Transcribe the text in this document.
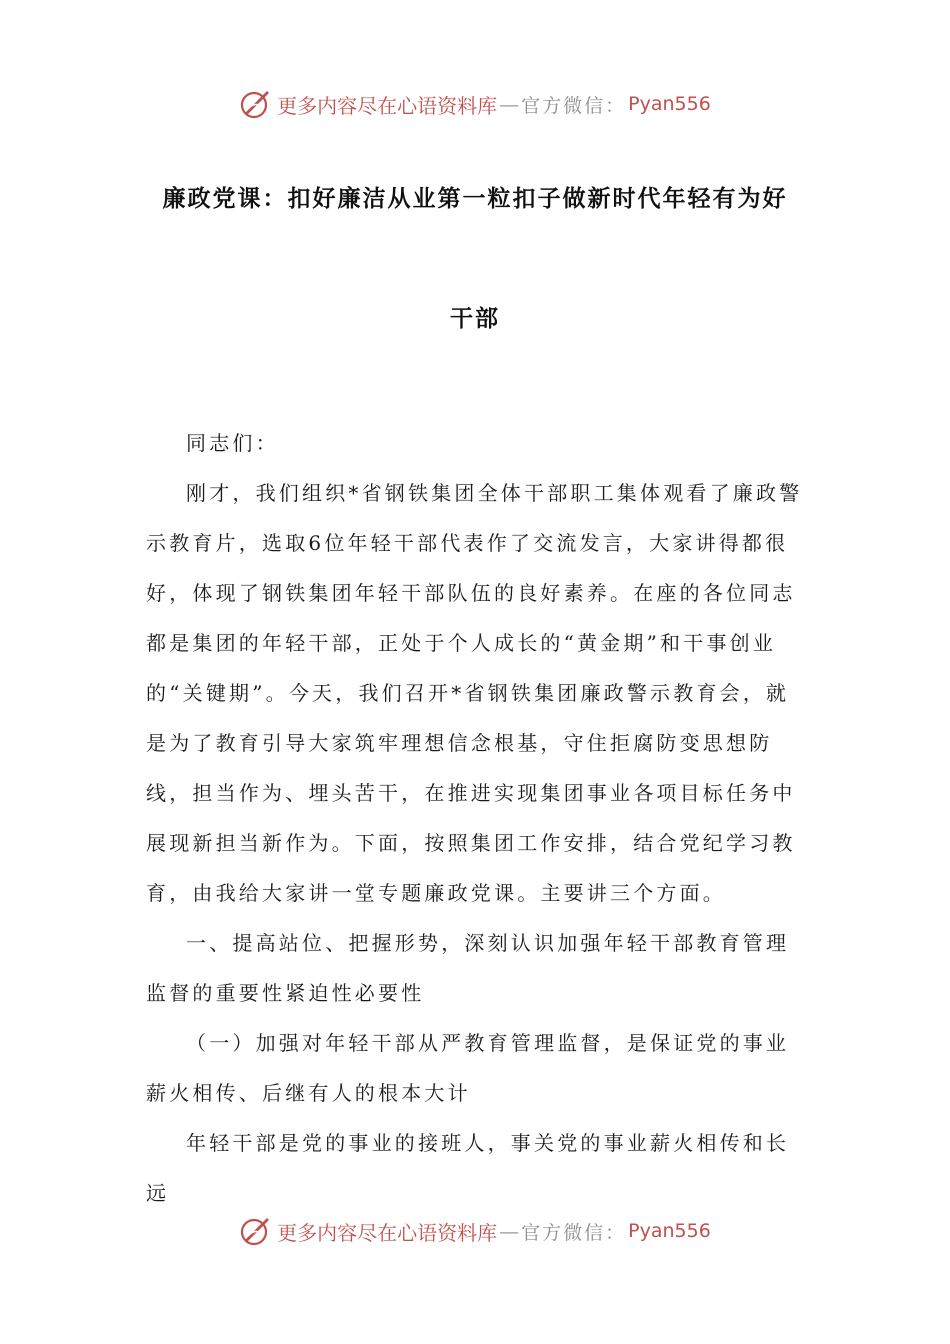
更多内容尽在心语资料库 — 官方微信： Pyan556
廉政党课：扣好廉洁从业第一粒扣子做新时代年轻有为好
干部

同志们：

刚才，我们组织*省钢铁集团全体干部职工集体观看了廉政警示教育片，选取6位年轻干部代表作了交流发言，大家讲得都很好，体现了钢铁集团年轻干部队伍的良好素养。在座的各位同志都是集团的年轻干部，正处于个人成长的“黄金期”和干事创业的“关键期”。今天，我们召开*省钢铁集团廉政警示教育会，就是为了教育引导大家筑牢理想信念根基，守住拒腐防变思想防线，担当作为、埋头苦干，在推进实现集团事业各项目标任务中展现新担当新作为。下面，按照集团工作安排，结合党纪学习教育，由我给大家讲一堂专题廉政党课。主要讲三个方面。

一、提高站位、把握形势，深刻认识加强年轻干部教育管理监督的重要性紧迫性必要性

（一）加强对年轻干部从严教育管理监督，是保证党的事业薪火相传、后继有人的根本大计

年轻干部是党的事业的接班人，事关党的事业薪火相传和长远

更多内容尽在心语资料库 — 官方微信： Pyan556
